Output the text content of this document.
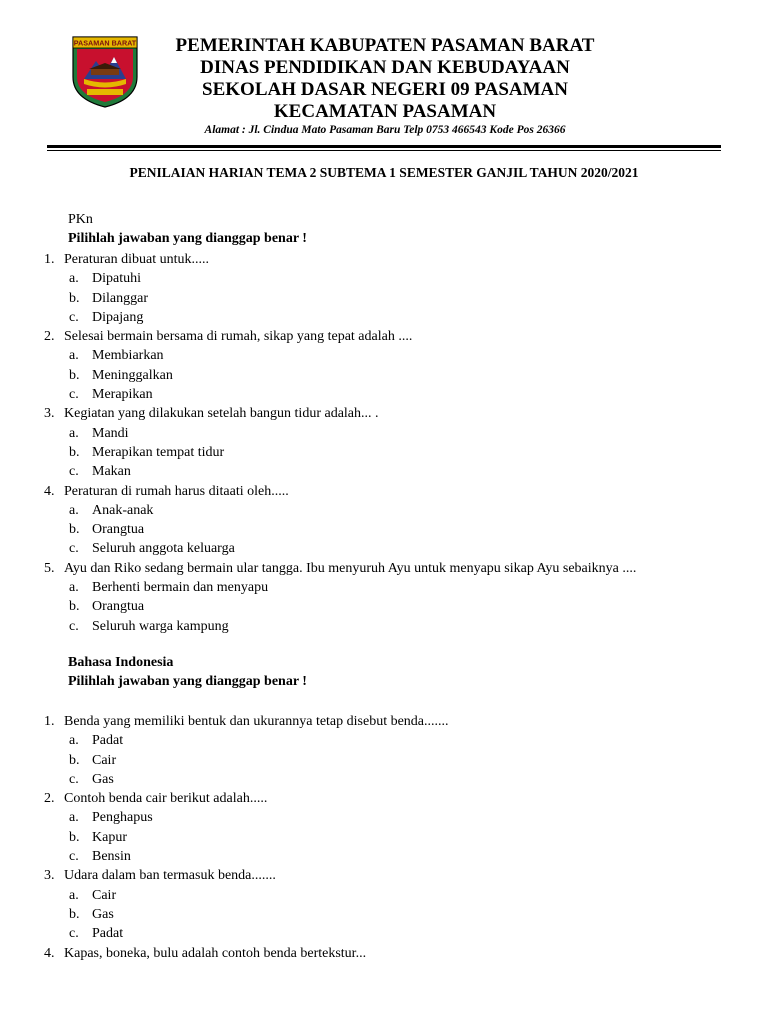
PASAMAN BARAT	PEMERINTAH KABUPATEN PASAMAN BARAT
DINAS PENDIDIKAN DAN KEBUDAYAAN
SEKOLAH DASAR NEGERI 09 PASAMAN
KECAMATAN PASAMAN
Alamat : Jl. Cindua Mato Pasaman Baru Telp 0753 466543 Kode Pos 26366
PENILAIAN HARIAN TEMA 2 SUBTEMA 1 SEMESTER GANJIL TAHUN 2020/2021
PKn
Pilihlah jawaban yang dianggap benar !
1. Peraturan dibuat untuk.....
a. Dipatuhi
b. Dilanggar
c. Dipajang
2. Selesai bermain bersama di rumah, sikap yang tepat adalah ....
a. Membiarkan
b. Meninggalkan
c. Merapikan
3. Kegiatan yang dilakukan setelah bangun tidur adalah... .
a. Mandi
b. Merapikan tempat tidur
c. Makan
4. Peraturan di rumah harus ditaati oleh.....
a. Anak-anak
b. Orangtua
c. Seluruh anggota keluarga
5. Ayu dan Riko sedang bermain ular tangga. Ibu menyuruh Ayu untuk menyapu sikap Ayu sebaiknya ....
a. Berhenti bermain dan menyapu
b. Orangtua
c. Seluruh warga kampung
Bahasa Indonesia
Pilihlah jawaban yang dianggap benar !
1. Benda yang memiliki bentuk dan ukurannya tetap disebut benda.......
a. Padat
b. Cair
c. Gas
2. Contoh benda cair berikut adalah.....
a. Penghapus
b. Kapur
c. Bensin
3. Udara dalam ban termasuk benda.......
a. Cair
b. Gas
c. Padat
4. Kapas, boneka, bulu adalah contoh benda bertekstur...
